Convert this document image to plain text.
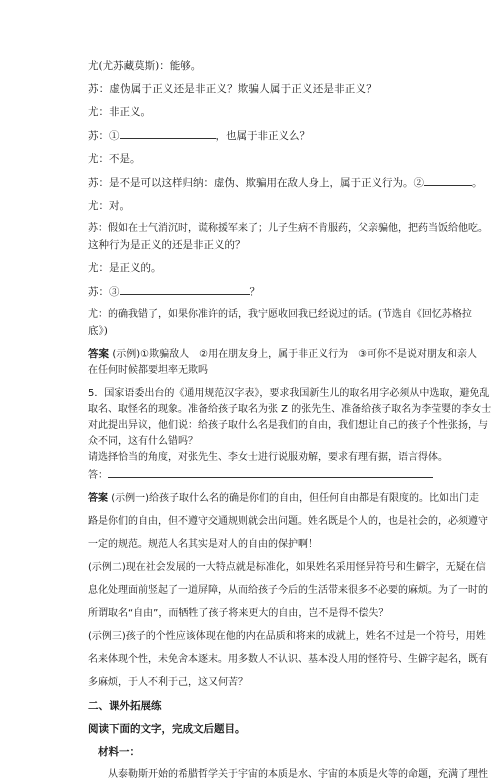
尤(尤苏藏莫斯)：能够。
苏：虚伪属于正义还是非正义？欺骗人属于正义还是非正义？
尤：非正义。
苏：①	，也属于非正义么？
尤：不是。
苏：是不是可以这样归纳：虚伪、欺骗用在敌人身上，属于正义行为。②	。
尤：对。
苏：假如在士气消沉时，谎称援军来了；儿子生病不肯服药，父亲骗他，把药当饭给他吃。
这种行为是正义的还是非正义的？
尤：是正义的。
苏：③	？
尤：的确我错了，如果你准许的话，我宁愿收回我已经说过的话。(节选自《回忆苏格拉
底》)
答案 (示例)①欺骗敌人　②用在朋友身上，属于非正义行为　③可你不是说对朋友和亲人
在任何时候都要坦率无欺吗
5．国家语委出台的《通用规范汉字表》，要求我国新生儿的取名用字必须从中选取，避免乱
取名、取怪名的现象。准备给孩子取名为张 Z 的张先生、准备给孩子取名为李莹婴的李女士
对此提出异议，他们说：给孩子取什么名是我们的自由，我们想让自己的孩子个性张扬，与
众不同，这有什么错吗？
请选择恰当的角度，对张先生、李女士进行说服劝解，要求有理有据，语言得体。
答：
答案 (示例一)给孩子取什么名的确是你们的自由，但任何自由都是有限度的。比如出门走
路是你们的自由，但不遵守交通规则就会出问题。姓名既是个人的，也是社会的，必须遵守
一定的规范。规范人名其实是对人的自由的保护啊！
(示例二)现在社会发展的一大特点就是标准化，如果姓名采用怪异符号和生僻字，无疑在信
息化处理面前竖起了一道屏障，从而给孩子今后的生活带来很多不必要的麻烦。为了一时的
所谓取名“自由”，而牺牲了孩子将来更大的自由，岂不是得不偿失？
(示例三)孩子的个性应该体现在他的内在品质和将来的成就上，姓名不过是一个符号，用姓
名来体现个性，未免舍本逐末。用多数人不认识、基本没人用的怪符号、生僻字起名，既有
多麻烦，于人不利于己，这又何苦？
二、课外拓展练
阅读下面的文字，完成文后题目。
材料一：
从泰勒斯开始的希腊哲学关于宇宙的本质是水、宇宙的本质是火等的命题，充满了理性
